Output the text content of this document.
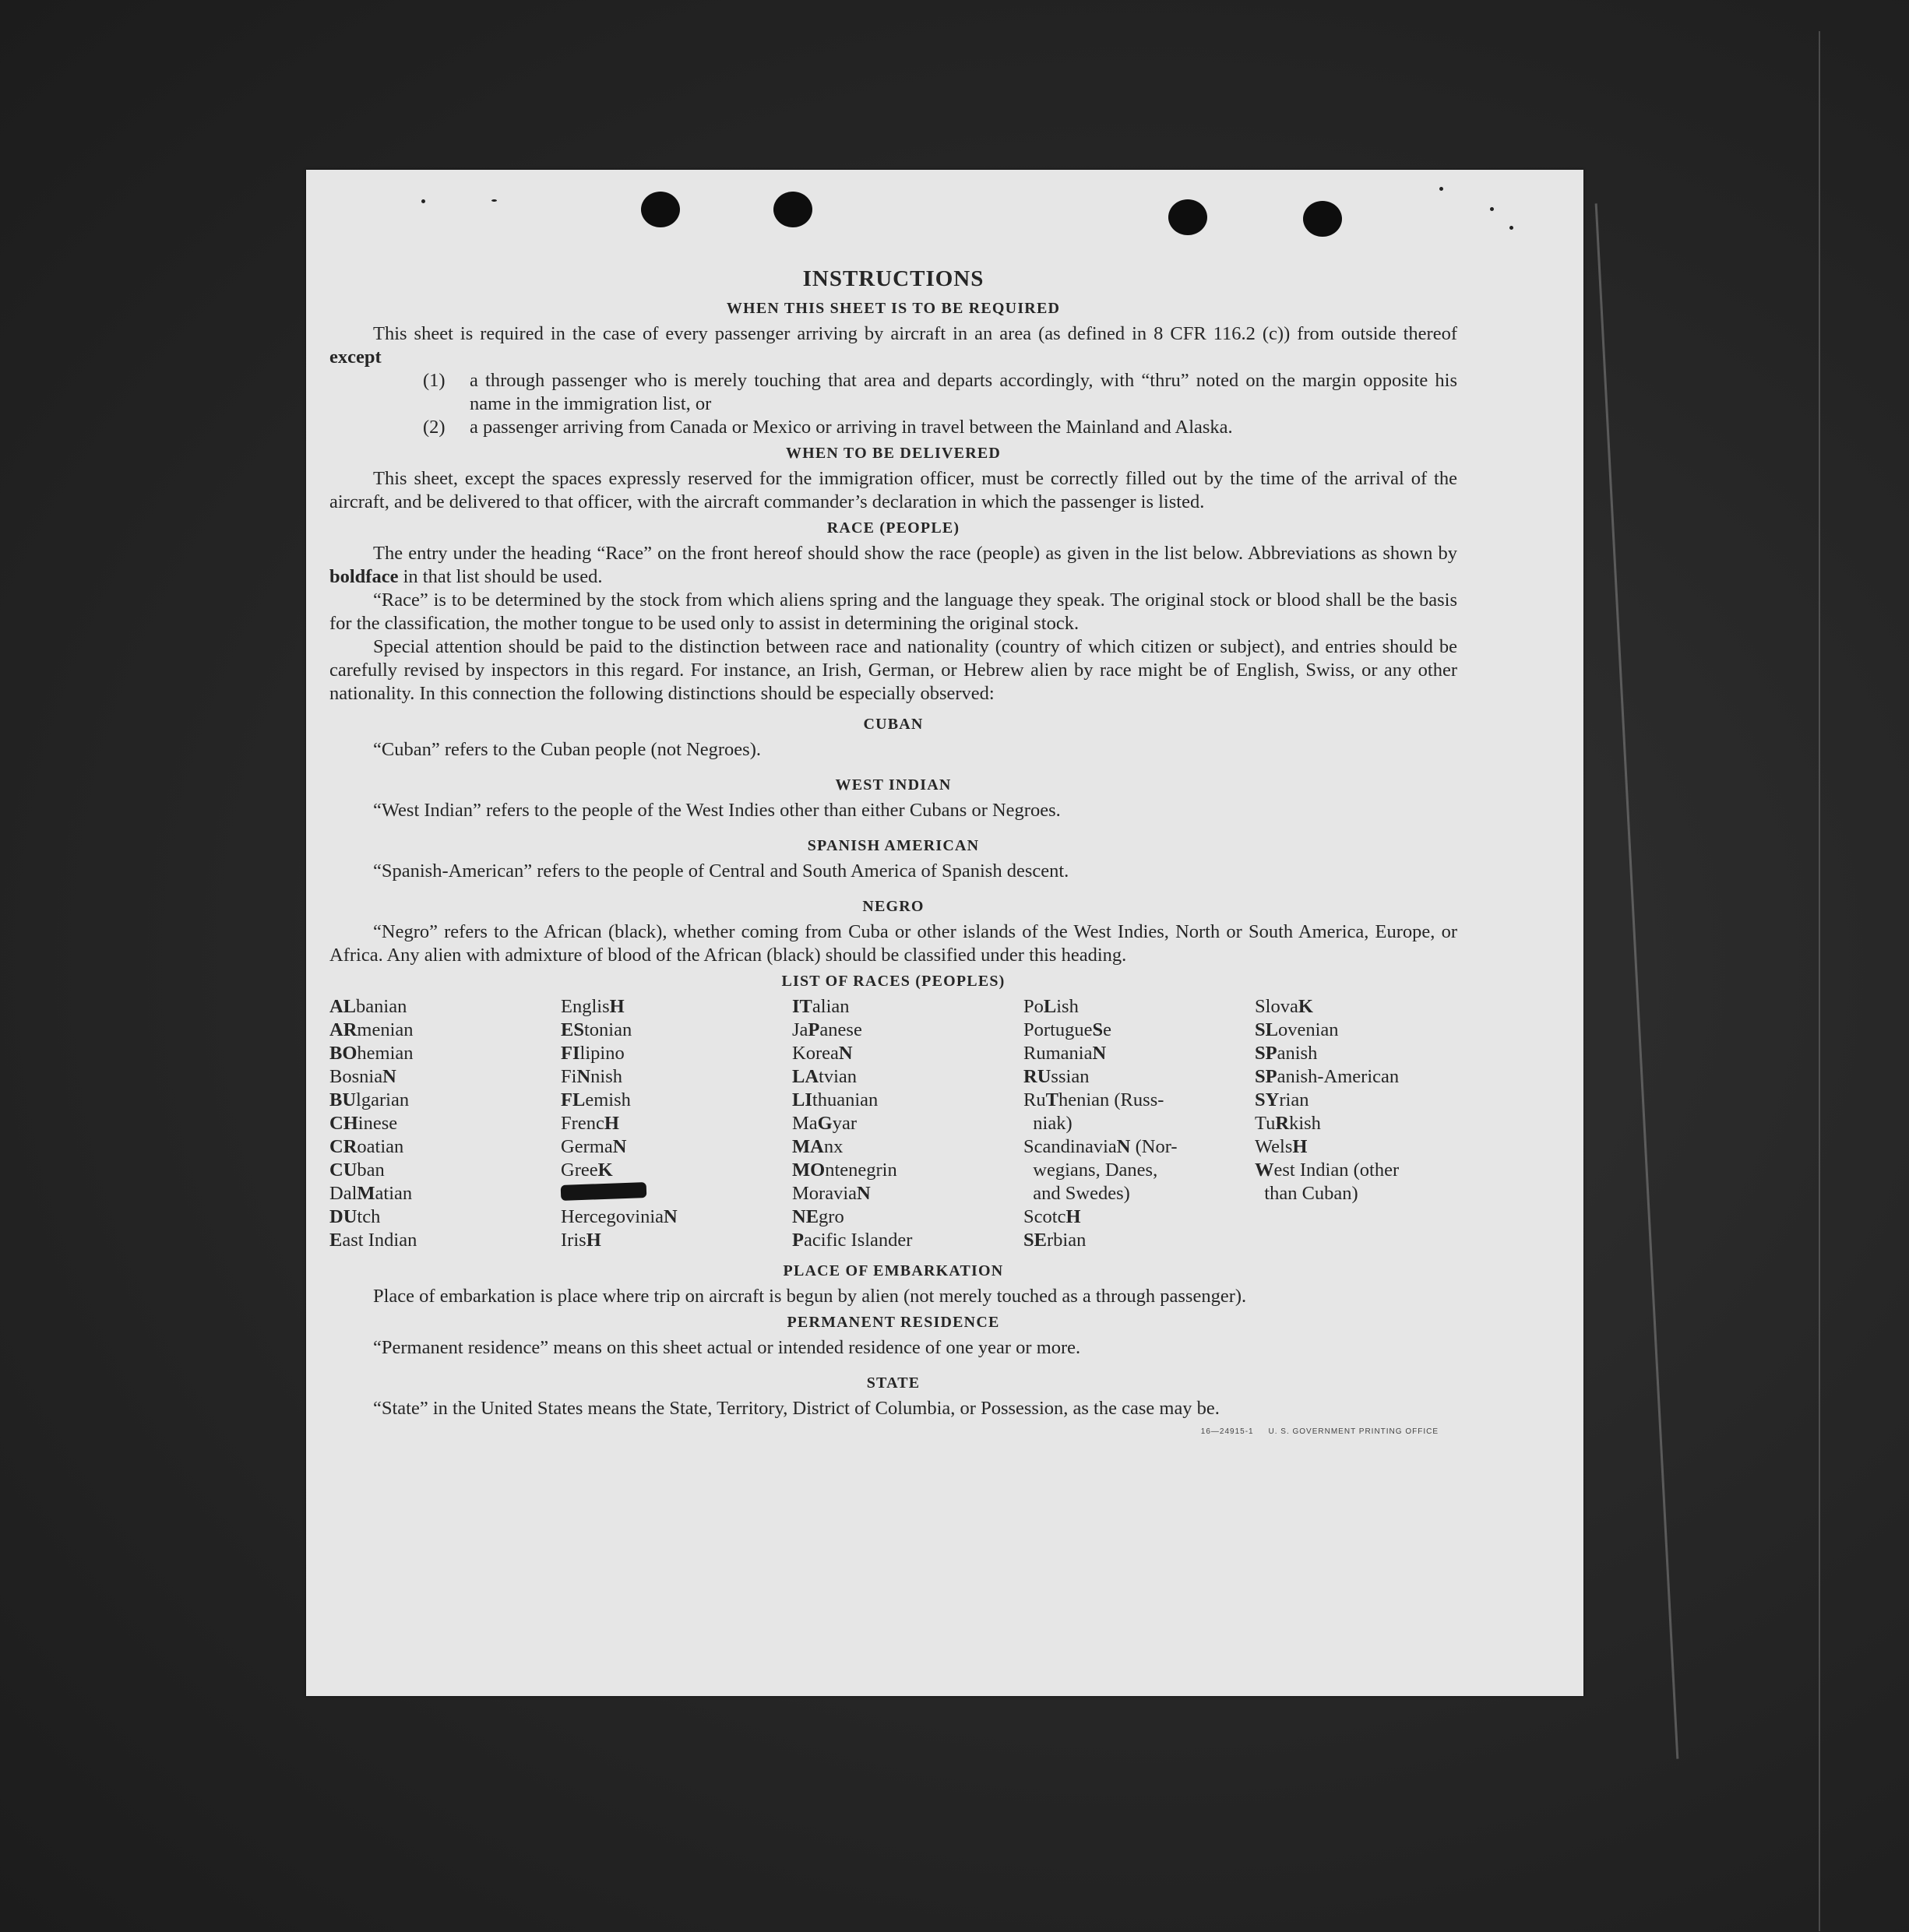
INSTRUCTIONS
WHEN THIS SHEET IS TO BE REQUIRED

This sheet is required in the case of every passenger arriving by aircraft in an area (as defined in 8 CFR 116.2 (c)) from outside thereof except

(1)	a through passenger who is merely touching that area and departs accordingly, with “thru” noted on the margin opposite his name in the immigration list, or
(2)	a passenger arriving from Canada or Mexico or arriving in travel between the Mainland and Alaska.
WHEN TO BE DELIVERED

This sheet, except the spaces expressly reserved for the immigration officer, must be correctly filled out by the time of the arrival of the aircraft, and be delivered to that officer, with the aircraft commander’s declaration in which the passenger is listed.

RACE (PEOPLE)

The entry under the heading “Race” on the front hereof should show the race (people) as given in the list below. Abbreviations as shown by boldface in that list should be used.

“Race” is to be determined by the stock from which aliens spring and the language they speak. The original stock or blood shall be the basis for the classification, the mother tongue to be used only to assist in determining the original stock.

Special attention should be paid to the distinction between race and nationality (country of which citizen or subject), and entries should be carefully revised by inspectors in this regard. For instance, an Irish, German, or Hebrew alien by race might be of English, Swiss, or any other nationality. In this connection the following distinctions should be especially observed:

CUBAN

“Cuban” refers to the Cuban people (not Negroes).

WEST INDIAN

“West Indian” refers to the people of the West Indies other than either Cubans or Negroes.

SPANISH AMERICAN

“Spanish-American” refers to the people of Central and South America of Spanish descent.

NEGRO

“Negro” refers to the African (black), whether coming from Cuba or other islands of the West Indies, North or South America, Europe, or Africa. Any alien with admixture of blood of the African (black) should be classified under this heading.

LIST OF RACES (PEOPLES)
ALbanian
ARmenian
BOhemian
BosniaN
BUlgarian
CHinese
CRoatian
CUban
DalMatian
DUtch
East Indian
EnglisH
EStonian
FIlipino
FiNnish
FLemish
FrencH
GermaN
GreeK
HercegoviniaN
IrisH
ITalian
JaPanese
KoreaN
LAtvian
LIthuanian
MaGyar
MAnx
MOntenegrin
MoraviaN
NEgro
Pacific Islander
PoLish
PortugueSe
RumaniaN
RUssian
RuThenian (Russ-
niak)
ScandinaviaN (Nor-
wegians, Danes,
and Swedes)
ScotcH
SErbian
SlovaK
SLovenian
SPanish
SPanish-American
SYrian
TuRkish
WelsH
West Indian (other
than Cuban)
PLACE OF EMBARKATION

Place of embarkation is place where trip on aircraft is begun by alien (not merely touched as a through passenger).

PERMANENT RESIDENCE

“Permanent residence” means on this sheet actual or intended residence of one year or more.

STATE

“State” in the United States means the State, Territory, District of Columbia, or Possession, as the case may be.

16—24915-1 U. S. GOVERNMENT PRINTING OFFICE
